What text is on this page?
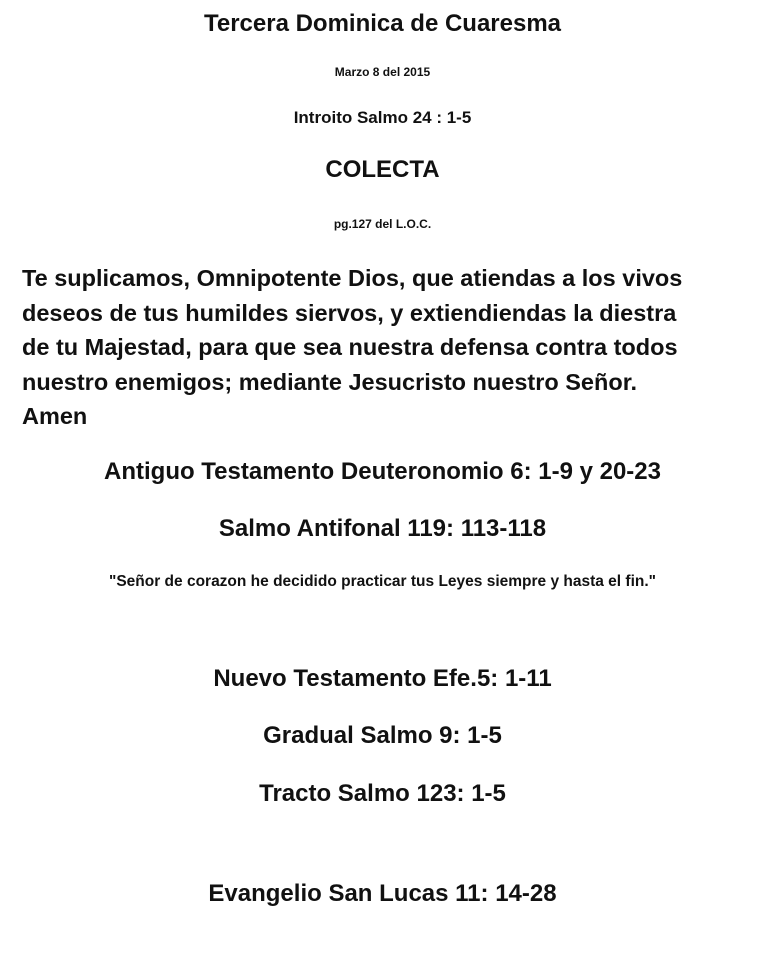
Tercera Dominica de Cuaresma
Marzo 8 del 2015
Introito Salmo 24 : 1-5
COLECTA
pg.127 del L.O.C.
Te suplicamos, Omnipotente Dios, que atiendas a los vivos
deseos de tus humildes siervos, y extiendiendas la diestra
de tu Majestad, para que sea nuestra defensa contra todos
nuestro enemigos; mediante Jesucristo nuestro Señor.
Amen
Antiguo Testamento Deuteronomio 6: 1-9 y 20-23
Salmo Antifonal 119: 113-118
"Señor de corazon he decidido practicar tus Leyes siempre y hasta el fin."
Nuevo Testamento Efe.5: 1-11
Gradual Salmo 9: 1-5
Tracto Salmo 123: 1-5
Evangelio San Lucas 11: 14-28
